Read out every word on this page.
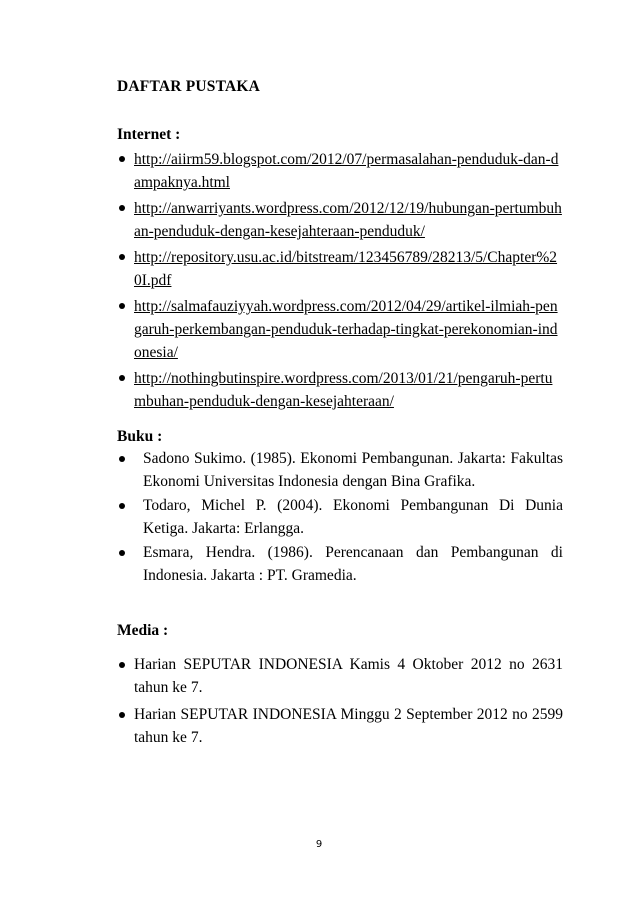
DAFTAR PUSTAKA
Internet :
http://aiirm59.blogspot.com/2012/07/permasalahan-penduduk-dan-dampaknya.html
http://anwarriyants.wordpress.com/2012/12/19/hubungan-pertumbuhan-penduduk-dengan-kesejahteraan-penduduk/
http://repository.usu.ac.id/bitstream/123456789/28213/5/Chapter%20I.pdf
http://salmafauziyyah.wordpress.com/2012/04/29/artikel-ilmiah-pengaruh-perkembangan-penduduk-terhadap-tingkat-perekonomian-indonesia/
http://nothingbutinspire.wordpress.com/2013/01/21/pengaruh-pertumbuhan-penduduk-dengan-kesejahteraan/
Buku :
Sadono Sukimo. (1985). Ekonomi Pembangunan. Jakarta: Fakultas Ekonomi Universitas Indonesia dengan Bina Grafika.
Todaro, Michel P. (2004). Ekonomi Pembangunan Di Dunia Ketiga. Jakarta: Erlangga.
Esmara, Hendra. (1986). Perencanaan dan Pembangunan di Indonesia. Jakarta : PT. Gramedia.
Media :
Harian SEPUTAR INDONESIA Kamis 4 Oktober 2012 no 2631 tahun ke 7.
Harian SEPUTAR INDONESIA Minggu 2 September 2012 no 2599 tahun ke 7.
9
